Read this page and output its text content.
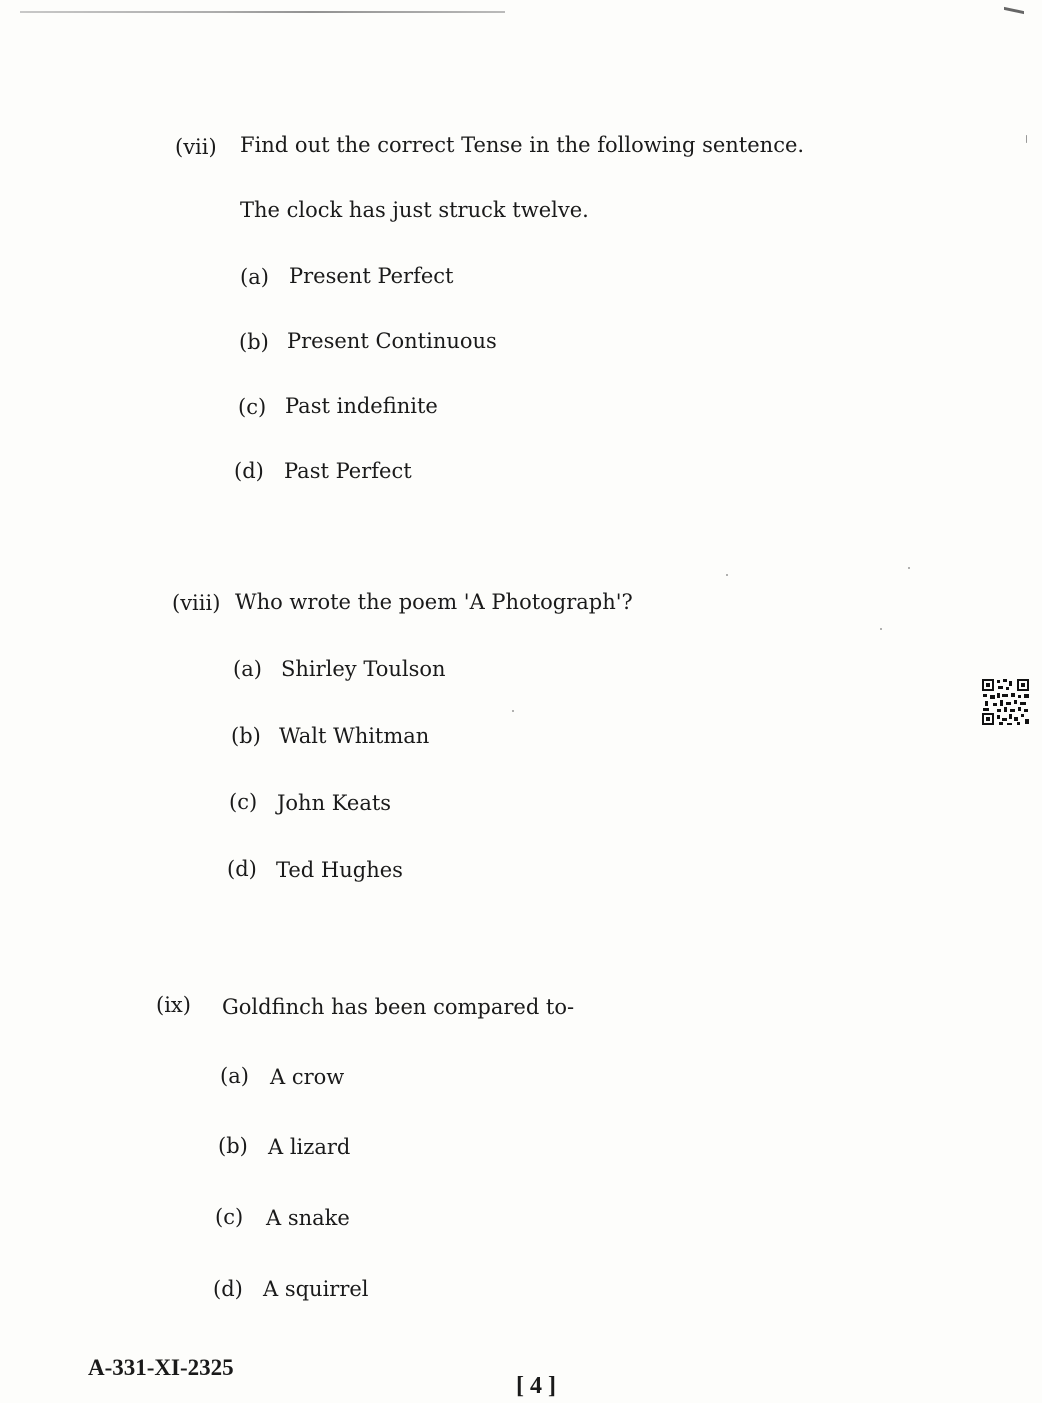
(vii) Find out the correct Tense in the following sentence.
The clock has just struck twelve.
(a) Present Perfect
(b) Present Continuous
(c) Past indefinite
(d) Past Perfect
(viii) Who wrote the poem 'A Photograph'?
(a) Shirley Toulson
(b) Walt Whitman
(c) John Keats
(d) Ted Hughes
(ix) Goldfinch has been compared to-
(a) A crow
(b) A lizard
(c) A snake
(d) A squirrel
A-331-XI-2325
[ 4 ]
